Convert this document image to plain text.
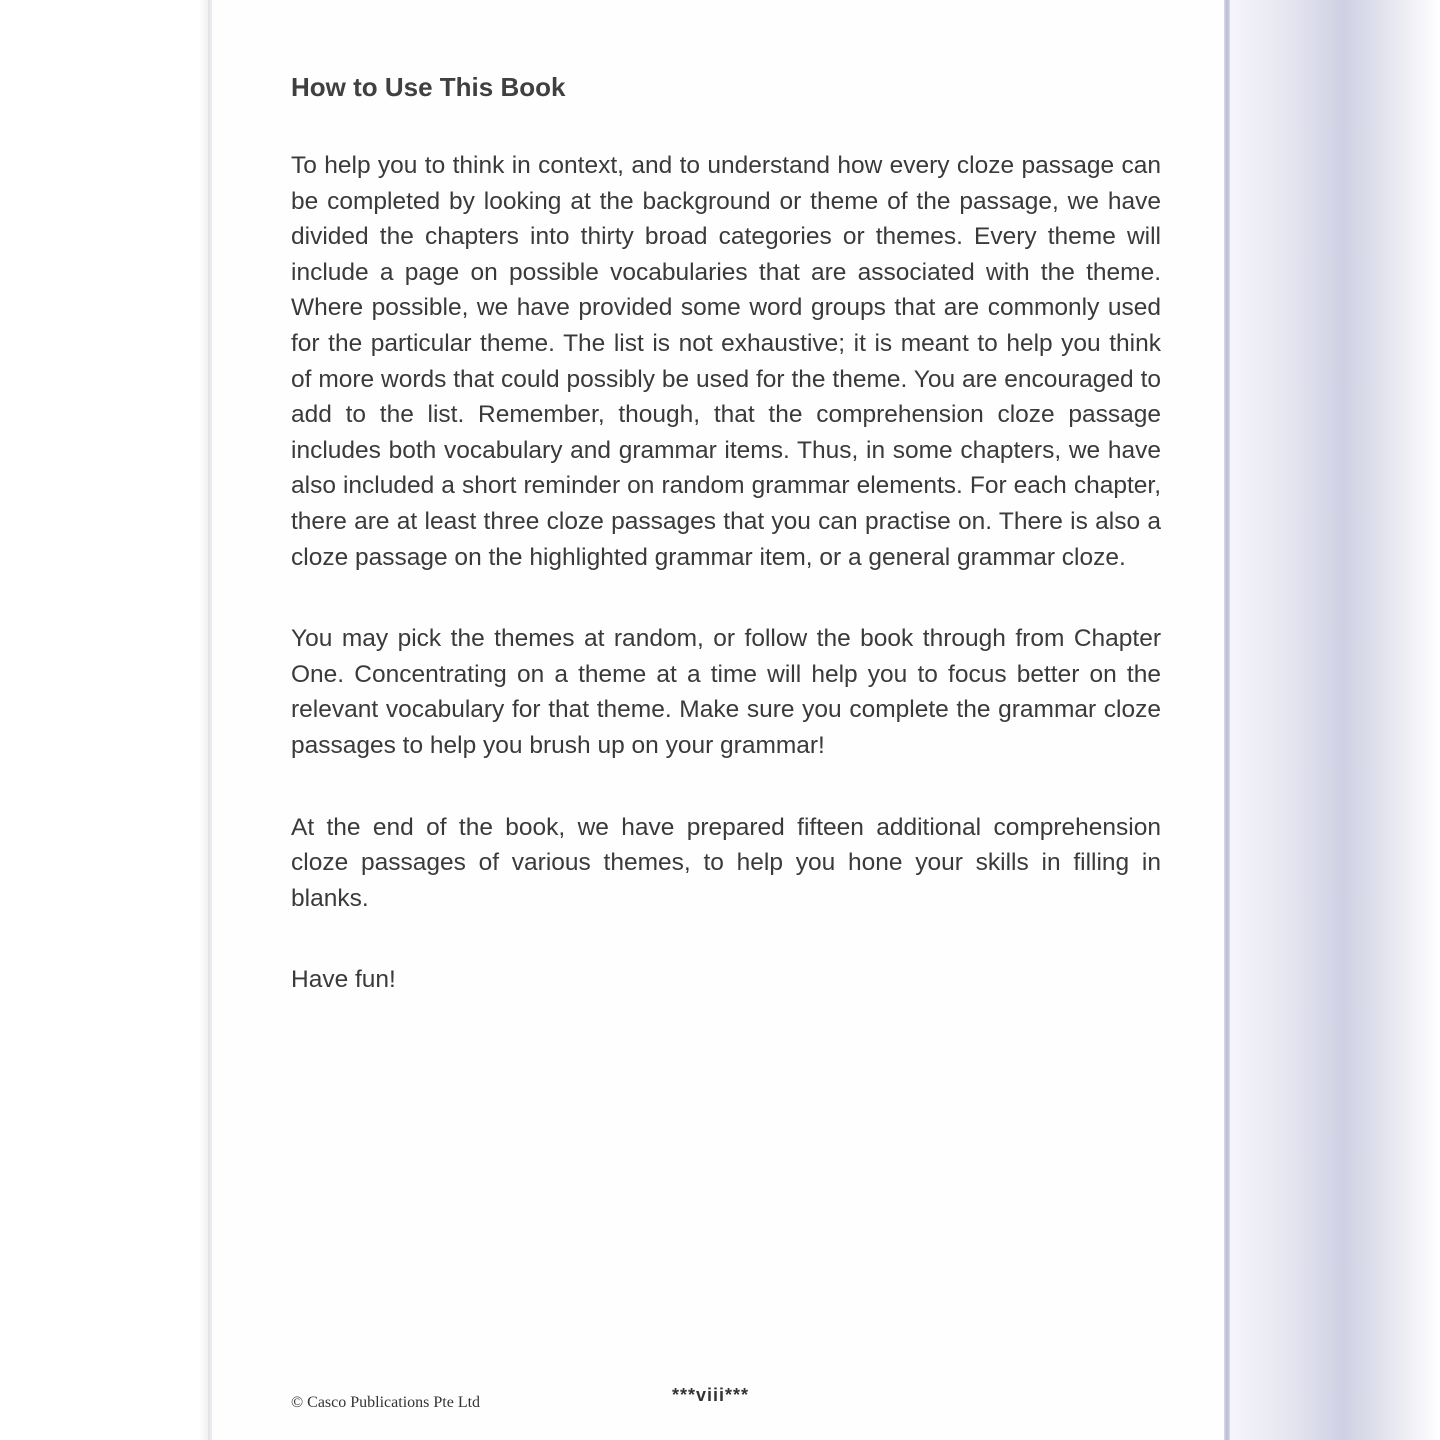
How to Use This Book

To help you to think in context, and to understand how every cloze passage can be completed by looking at the background or theme of the passage, we have divided the chapters into thirty broad categories or themes. Every theme will include a page on possible vocabularies that are associated with the theme. Where possible, we have provided some word groups that are commonly used for the particular theme. The list is not exhaustive; it is meant to help you think of more words that could possibly be used for the theme. You are encouraged to add to the list. Remember, though, that the comprehension cloze passage includes both vocabulary and grammar items. Thus, in some chapters, we have also included a short reminder on random grammar elements. For each chapter, there are at least three cloze passages that you can practise on. There is also a cloze passage on the highlighted grammar item, or a general grammar cloze.

You may pick the themes at random, or follow the book through from Chapter One. Concentrating on a theme at a time will help you to focus better on the relevant vocabulary for that theme. Make sure you complete the grammar cloze passages to help you brush up on your grammar!

At the end of the book, we have prepared fifteen additional comprehension cloze passages of various themes, to help you hone your skills in filling in blanks.

Have fun!

© Casco Publications Pte Ltd	***viii***
